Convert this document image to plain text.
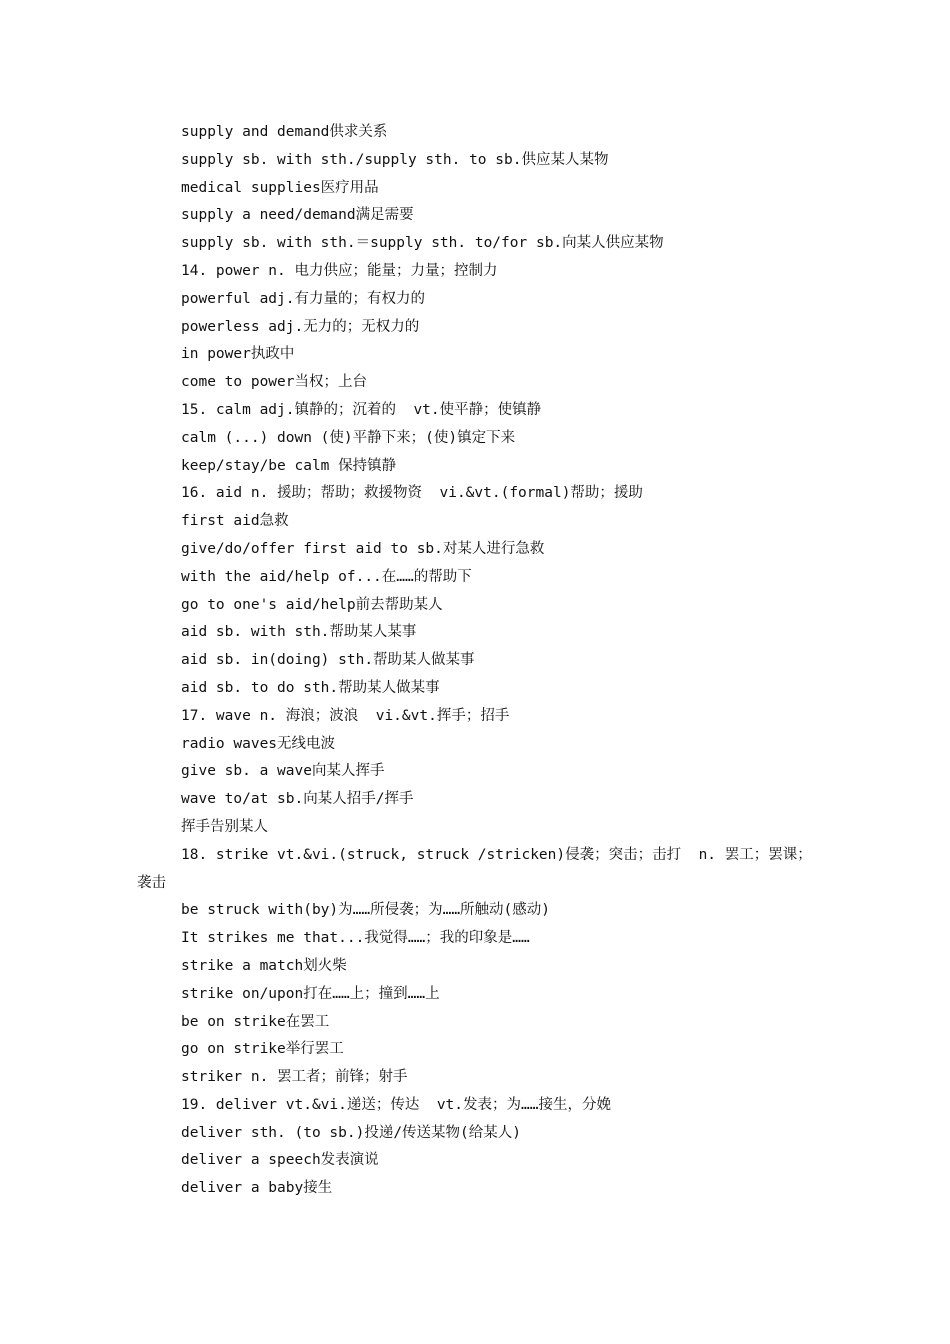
supply and demand供求关系
supply sb. with sth./supply sth. to sb.供应某人某物
medical supplies医疗用品
supply a need/demand满足需要
supply sb. with sth.＝supply sth. to/for sb.向某人供应某物
14. power n. 电力供应；能量；力量；控制力
powerful adj.有力量的；有权力的
powerless adj.无力的；无权力的
in power执政中
come to power当权；上台
15. calm adj.镇静的；沉着的  vt.使平静；使镇静
calm (...) down (使)平静下来；(使)镇定下来
keep/stay/be calm 保持镇静
16. aid n. 援助；帮助；救援物资  vi.&vt.(formal)帮助；援助
first aid急救
give/do/offer first aid to sb.对某人进行急救
with the aid/help of...在……的帮助下
go to one's aid/help前去帮助某人
aid sb. with sth.帮助某人某事
aid sb. in(doing) sth.帮助某人做某事
aid sb. to do sth.帮助某人做某事
17. wave n. 海浪；波浪  vi.&vt.挥手；招手
radio waves无线电波
give sb. a wave向某人挥手
wave to/at sb.向某人招手/挥手
挥手告别某人
18. strike vt.&vi.(struck, struck /stricken)侵袭；突击；击打  n. 罢工；罢课；
袭击
be struck with(by)为……所侵袭；为……所触动(感动)
It strikes me that...我觉得……；我的印象是……
strike a match划火柴
strike on/upon打在……上；撞到……上
be on strike在罢工
go on strike举行罢工
striker n. 罢工者；前锋；射手
19. deliver vt.&vi.递送；传达  vt.发表；为……接生，分娩
deliver sth. (to sb.)投递/传送某物(给某人)
deliver a speech发表演说
deliver a baby接生
